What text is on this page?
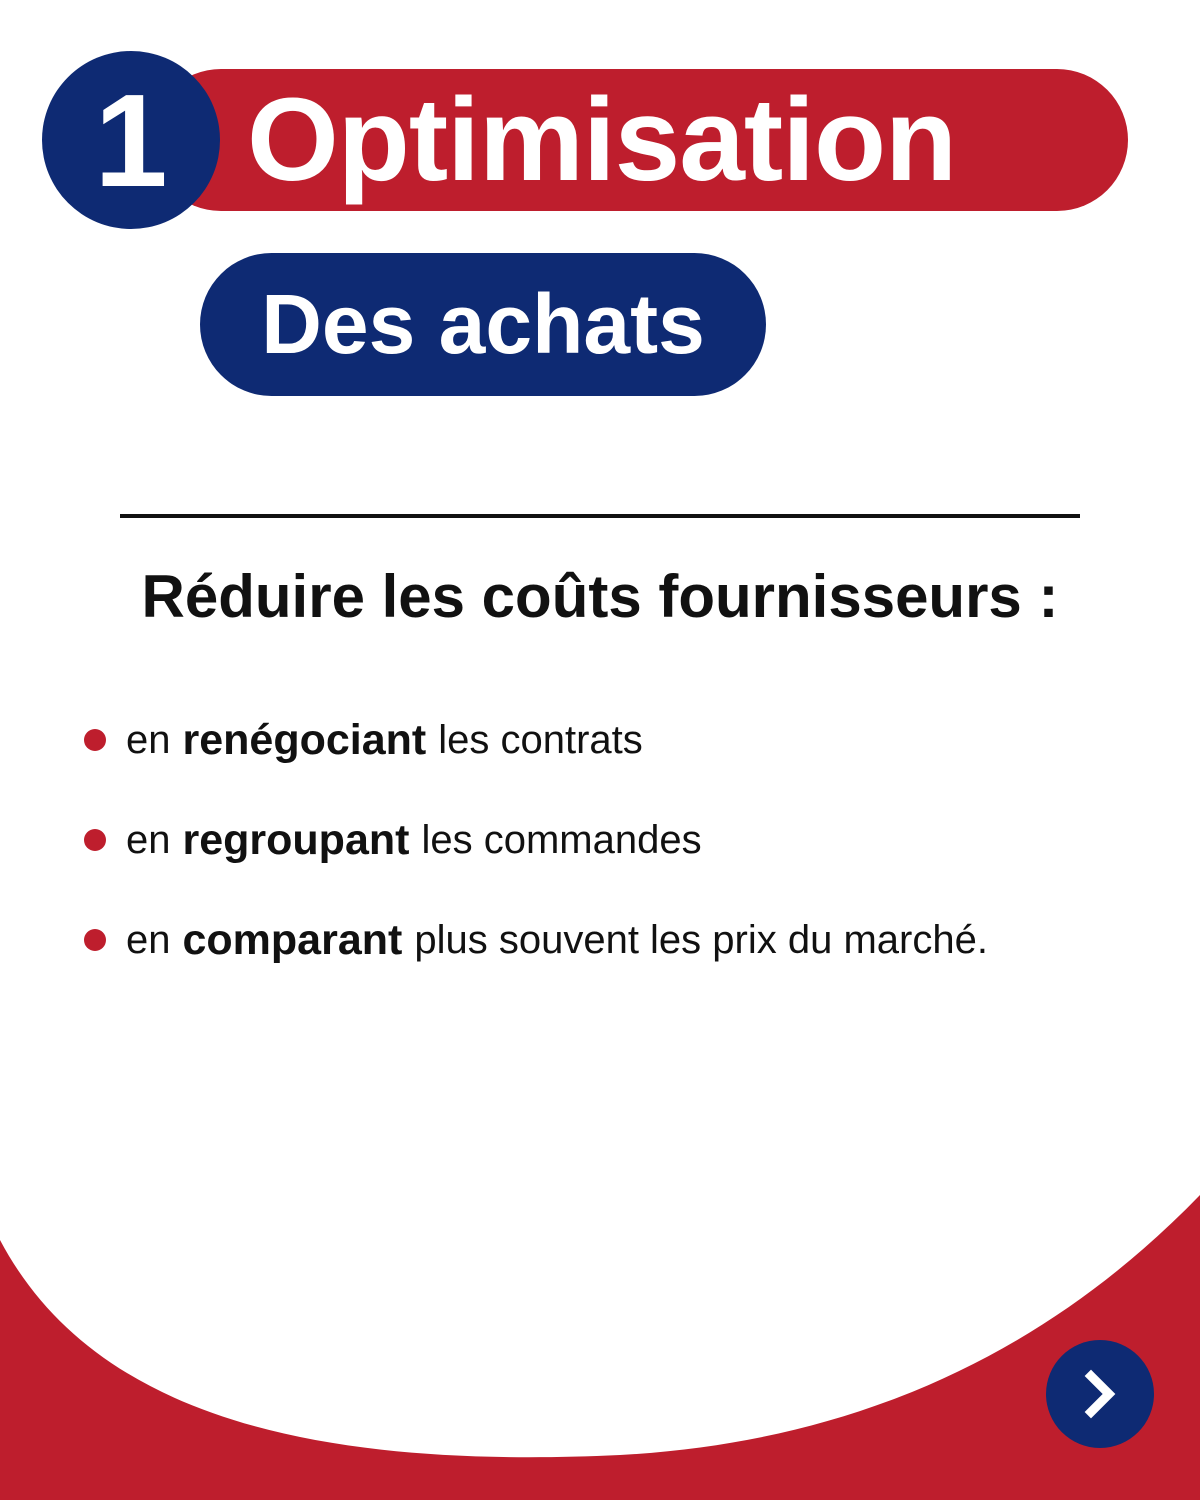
Optimisation
1
Des achats
Réduire les coûts fournisseurs :
en renégociant les contrats
en regroupant les commandes
en comparant plus souvent les prix du marché.
